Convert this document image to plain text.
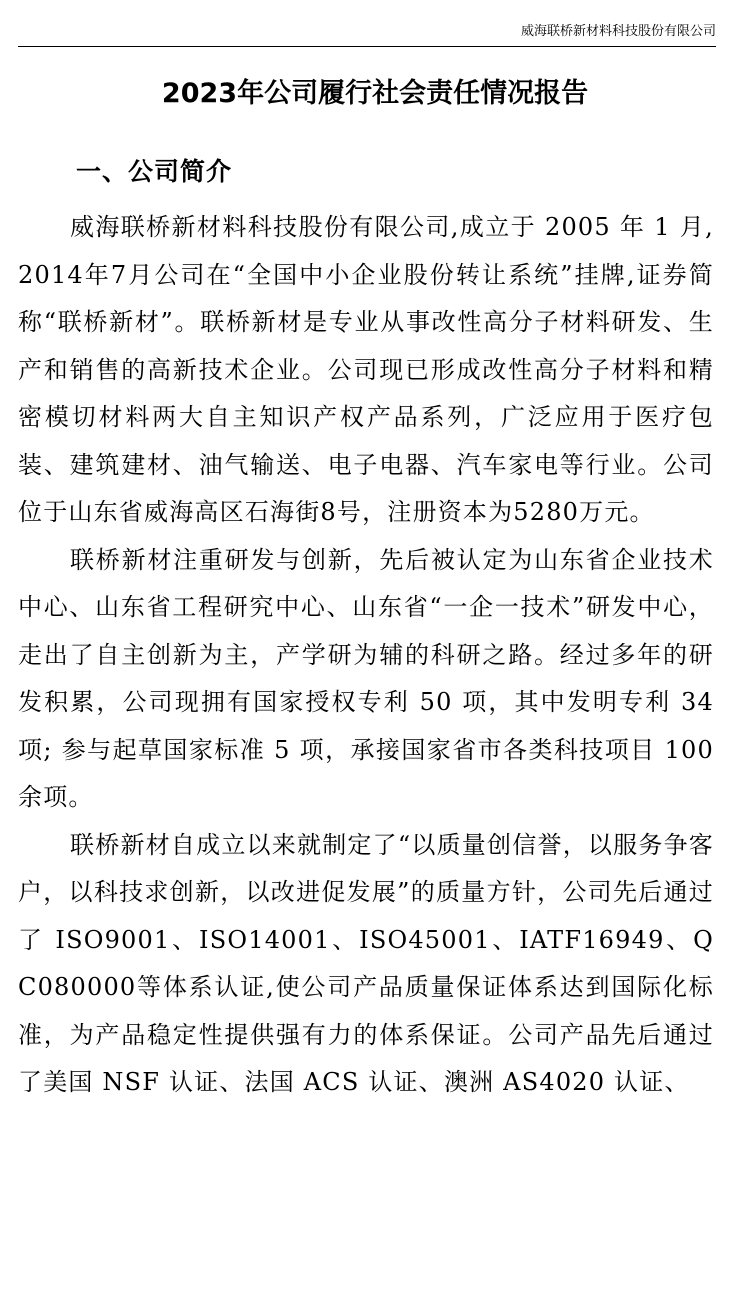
威海联桥新材料科技股份有限公司
2023年公司履行社会责任情况报告
一、公司简介

威海联桥新材料科技股份有限公司,成立于 2005 年 1 月,2014年7月公司在“全国中小企业股份转让系统”挂牌,证券简称“联桥新材”。联桥新材是专业从事改性高分子材料研发、生产和销售的高新技术企业。公司现已形成改性高分子材料和精密模切材料两大自主知识产权产品系列，广泛应用于医疗包装、建筑建材、油气输送、电子电器、汽车家电等行业。公司位于山东省威海高区石海街8号，注册资本为5280万元。

联桥新材注重研发与创新，先后被认定为山东省企业技术中心、山东省工程研究中心、山东省“一企一技术”研发中心，走出了自主创新为主，产学研为辅的科研之路。经过多年的研发积累，公司现拥有国家授权专利 50 项，其中发明专利 34 项; 参与起草国家标准 5 项，承接国家省市各类科技项目 100 余项。

联桥新材自成立以来就制定了“以质量创信誉，以服务争客户，以科技求创新，以改进促发展”的质量方针，公司先后通过了 ISO9001、ISO14001、ISO45001、IATF16949、QC080000等体系认证,使公司产品质量保证体系达到国际化标准，为产品稳定性提供强有力的体系保证。公司产品先后通过了美国 NSF 认证、法国 ACS 认证、澳洲 AS4020 认证、
